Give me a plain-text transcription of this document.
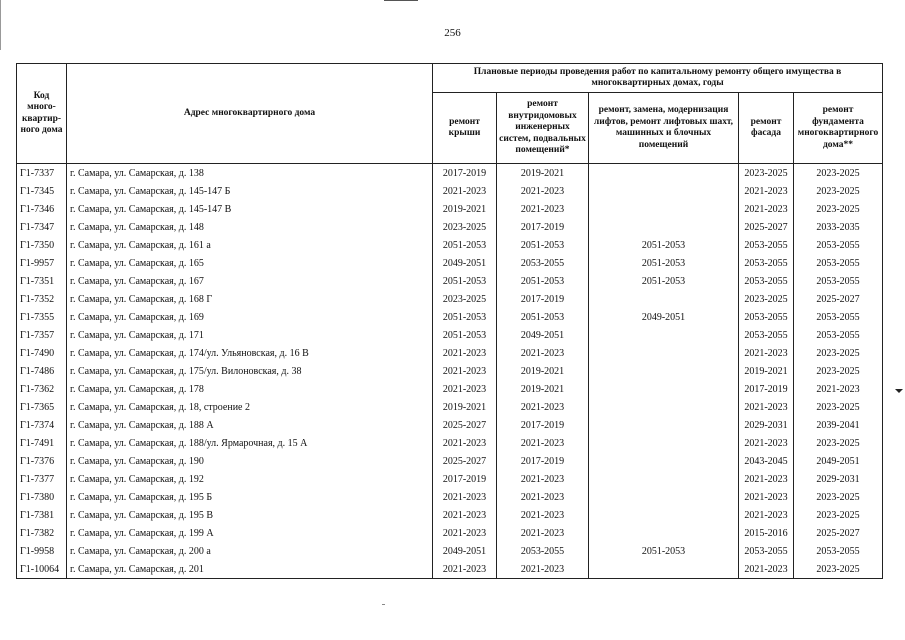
256
Код много-квартир-ного дома	Адрес многоквартирного дома	Плановые периоды проведения работ по капитальному ремонту общего имущества в многоквартирных домах, годы				
		ремонт крыши	ремонт внутридомовых инженерных систем, подвальных помещений*	ремонт, замена, модернизация лифтов, ремонт лифтовых шахт, машинных и блочных помещений	ремонт фасада	ремонт фундамента многоквартирного дома**
Г1-7337	г. Самара, ул. Самарская, д. 138	2017-2019	2019-2021		2023-2025	2023-2025
Г1-7345	г. Самара, ул. Самарская, д. 145-147 Б	2021-2023	2021-2023		2021-2023	2023-2025
Г1-7346	г. Самара, ул. Самарская, д. 145-147 В	2019-2021	2021-2023		2021-2023	2023-2025
Г1-7347	г. Самара, ул. Самарская, д. 148	2023-2025	2017-2019		2025-2027	2033-2035
Г1-7350	г. Самара, ул. Самарская, д. 161 а	2051-2053	2051-2053	2051-2053	2053-2055	2053-2055
Г1-9957	г. Самара, ул. Самарская, д. 165	2049-2051	2053-2055	2051-2053	2053-2055	2053-2055
Г1-7351	г. Самара, ул. Самарская, д. 167	2051-2053	2051-2053	2051-2053	2053-2055	2053-2055
Г1-7352	г. Самара, ул. Самарская, д. 168 Г	2023-2025	2017-2019		2023-2025	2025-2027
Г1-7355	г. Самара, ул. Самарская, д. 169	2051-2053	2051-2053	2049-2051	2053-2055	2053-2055
Г1-7357	г. Самара, ул. Самарская, д. 171	2051-2053	2049-2051		2053-2055	2053-2055
Г1-7490	г. Самара, ул. Самарская, д. 174/ул. Ульяновская, д. 16 В	2021-2023	2021-2023		2021-2023	2023-2025
Г1-7486	г. Самара, ул. Самарская, д. 175/ул. Вилоновская, д. 38	2021-2023	2019-2021		2019-2021	2023-2025
Г1-7362	г. Самара, ул. Самарская, д. 178	2021-2023	2019-2021		2017-2019	2021-2023
Г1-7365	г. Самара, ул. Самарская, д. 18, строение 2	2019-2021	2021-2023		2021-2023	2023-2025
Г1-7374	г. Самара, ул. Самарская, д. 188 А	2025-2027	2017-2019		2029-2031	2039-2041
Г1-7491	г. Самара, ул. Самарская, д. 188/ул. Ярмарочная, д. 15 А	2021-2023	2021-2023		2021-2023	2023-2025
Г1-7376	г. Самара, ул. Самарская, д. 190	2025-2027	2017-2019		2043-2045	2049-2051
Г1-7377	г. Самара, ул. Самарская, д. 192	2017-2019	2021-2023		2021-2023	2029-2031
Г1-7380	г. Самара, ул. Самарская, д. 195 Б	2021-2023	2021-2023		2021-2023	2023-2025
Г1-7381	г. Самара, ул. Самарская, д. 195 В	2021-2023	2021-2023		2021-2023	2023-2025
Г1-7382	г. Самара, ул. Самарская, д. 199 А	2021-2023	2021-2023		2015-2016	2025-2027
Г1-9958	г. Самара, ул. Самарская, д. 200 а	2049-2051	2053-2055	2051-2053	2053-2055	2053-2055
Г1-10064	г. Самара, ул. Самарская, д. 201	2021-2023	2021-2023		2021-2023	2023-2025
